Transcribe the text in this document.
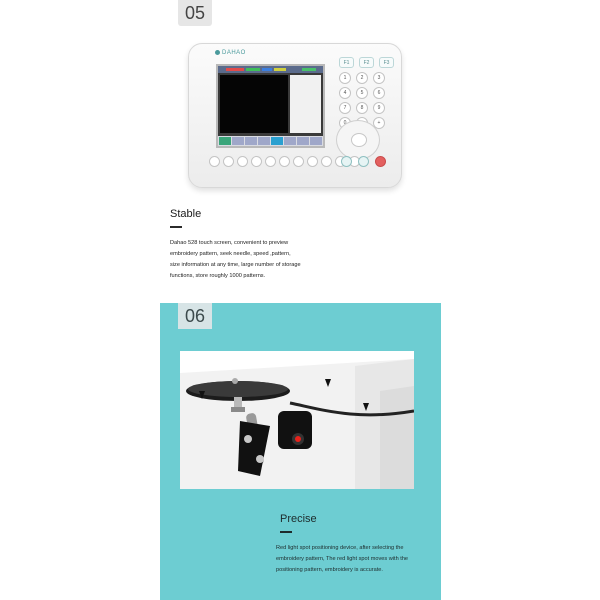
05
DAHAO
F1	F2	F3
1	2	3
4	5	6
7	8	9
+
Stable
Dahao 528 touch screen, convenient to preview
embroidery pattern, seek needle, speed ,pattern,
size information at any time, large number of storage
functions, store roughly 1000 patterns.
06
Precise
Red light spot positioning device, after selecting the
embroidery pattern, The red light spot moves with the
positioning pattern, embroidery is accurate.
